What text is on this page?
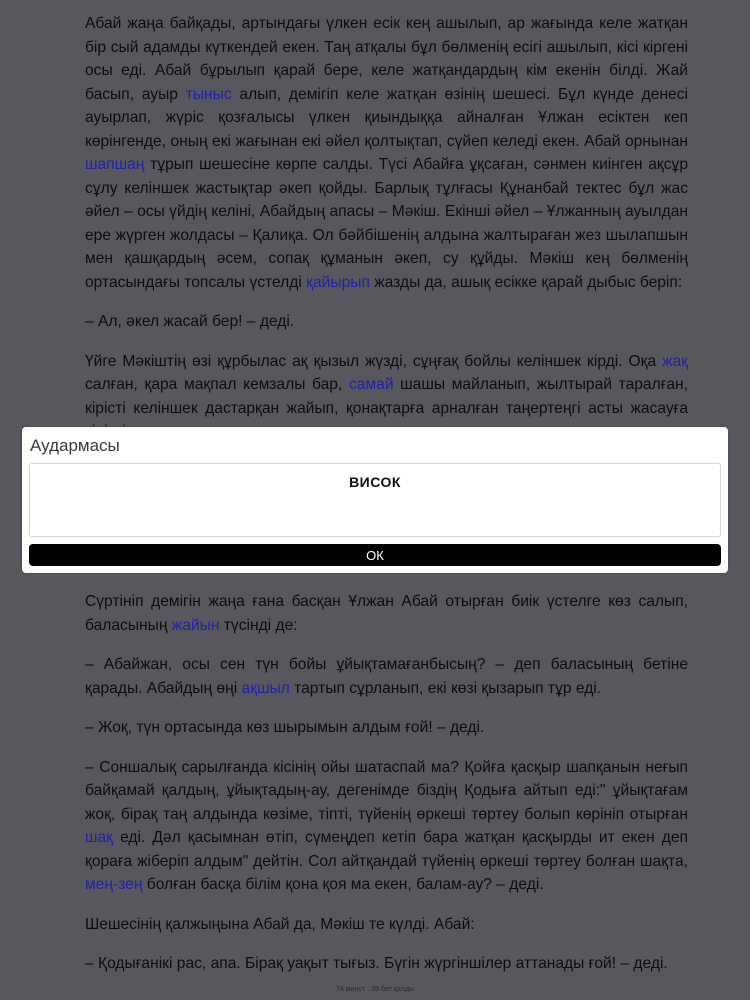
Абай жаңа байқады, артындағы үлкен есік кең ашылып, ар жағында келе жатқан бір сый адамды күткендей екен. Таң атқалы бұл бөлменің есігі ашылып, кісі кіргені осы еді. Абай бұрылып қарай бере, келе жатқандардың кім екенін білді. Жай басып, ауыр тыныс алып, демігіп келе жатқан өзінің шешесі. Бұл күнде денесі ауырлап, жүріс қозғалысы үлкен қиындыққа айналған Ұлжан есіктен кеп көрінгенде, оның екі жағынан екі әйел қолтықтап, сүйеп келеді екен. Абай орнынан шапшаң тұрып шешесіне көрпе салды. Түсі Абайға ұқсаған, сәнмен киінген ақсұр сұлу келіншек жастықтар әкеп қойды. Барлық тұлғасы Құнанбай тектес бұл жас әйел – осы үйдің келіні, Абайдың апасы – Мәкіш. Екінші әйел – Ұлжанның ауылдан ере жүрген жолдасы – Қалиқа. Ол бәйбішенің алдына жалтыраған жез шылапшын мен қашқардың әсем, сопақ құманын әкеп, су құйды. Мәкіш кең бөлменің ортасындағы топсалы үстелді қайырып жазды да, ашық есікке қарай дыбыс беріп:

– Ал, әкел жасай бер! – деді.

Үйге Мәкіштің өзі құрбылас ақ қызыл жүзді, сұңғақ бойлы келіншек кірді. Оқа жақ салған, қара мақпал кемзалы бар, самай шашы майланып, жылтырай таралған, кірісті келіншек дастарқан жайып, қонақтарға арналған таңертеңгі асты жасауға

Сүртініп демігін жаңа ғана басқан Ұлжан Абай отырған биік үстелге көз салып, баласының жайын түсінді де:

– Абайжан, осы сен түн бойы ұйықтамағанбысың? – деп баласының бетіне қарады. Абайдың өңі ақшыл тартып сұрланып, екі көзі қызарып тұр еді.

– Жоқ, түн ортасында көз шырымын алдым ғой! – деді.

– Соншалық сарылғанда кісінің ойы шатаспай ма? Қойға қасқыр шапқанын неғып байқамай қалдың, ұйықтадың-ау, дегенімде біздің Қодыға айтып еді:" ұйықтағам жоқ, бірақ таң алдында көзіме, тіпті, түйенің өркеші төртеу болып көрініп отырған шақ еді. Дәл қасымнан өтіп, сүмеңдеп кетіп бара жатқан қасқырды ит екен деп қораға жіберіп алдым" дейтін. Сол айтқандай түйенің өркеші төртеу болған шақта, мең-зең болған басқа білім қона қоя ма екен, балам-ау? – деді.

Шешесінің қалжыңына Абай да, Мәкіш те күлді. Абай:

– Қодығанікі рас, апа. Бірақ уақыт тығыз. Бүгін жүргіншілер аттанады ғой! – деді.

74 минут · 39 бет қалды
Аудармасы
ВИСОК
ОК
